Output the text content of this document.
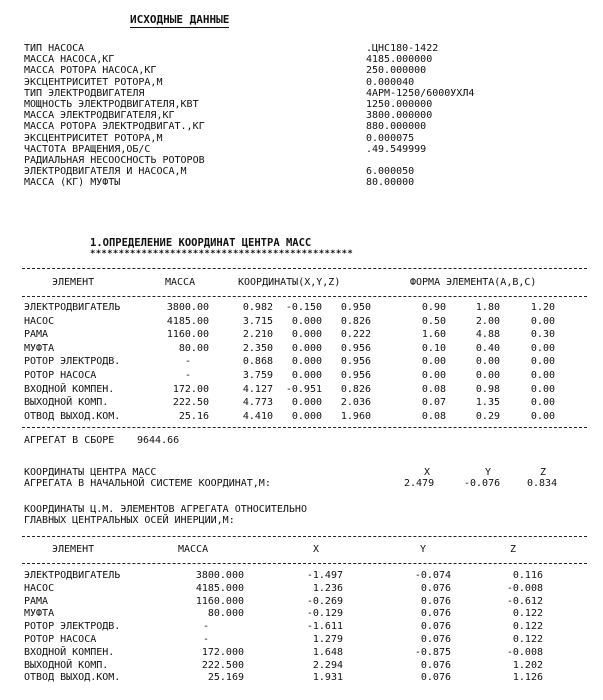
ИСХОДНЫЕ ДАННЫЕ
ТИП НАСОСА	.ЦНС180-1422
МАССА НАСОСА,КГ	4185.000000
МАССА РОТОРА НАСОСА,КГ	250.000000
ЭКСЦЕНТРИСИТЕТ РОТОРА,М	0.000040
ТИП ЭЛЕКТРОДВИГАТЕЛЯ	4АРМ-1250/6000УХЛ4
МОЩНОСТЬ ЭЛЕКТРОДВИГАТЕЛЯ,КВТ	1250.000000
МАССА ЭЛЕКТРОДВИГАТЕЛЯ,КГ	3800.000000
МАССА РОТОРА ЭЛЕКТРОДВИГАТ.,КГ	880.000000
ЭКСЦЕНТРИСИТЕТ РОТОРА,М	0.000075
ЧАСТОТА ВРАЩЕНИЯ,ОБ/С	.49.549999
РАДИАЛЬНАЯ НЕСООСНОСТЬ РОТОРОВ
ЭЛЕКТРОДВИГАТЕЛЯ И НАСОСА,М	6.000050
МАССА (КГ) МУФТЫ	80.00000
1.ОПРЕДЕЛЕНИЕ КООРДИНАТ ЦЕНТРА МАСС
**********************************************
ЭЛЕМЕНТ	МАССА	КООРДИНАТЫ(X,Y,Z)	ФОРМА ЭЛЕМЕНТА(A,B,C)
ЭЛЕКТРОДВИГАТЕЛЬ	3800.00	0.982 -0.150 0.950	0.90	1.80	1.20
НАСОС	4185.00	3.715 0.000 0.826	0.50	2.00	0.00
РАМА	1160.00	2.210 0.000 0.222	1.60	4.88	0.30
МУФТА	80.00	2.350 0.000 0.956	0.10	0.40	0.00
РОТОР ЭЛЕКТРОДВ.	-	0.868 0.000 0.956	0.00	0.00	0.00
РОТОР НАСОСА	-	3.759 0.000 0.956	0.00	0.00	0.00
ВХОДНОЙ КОМПЕН.	172.00	4.127 -0.951 0.826	0.08	0.98	0.00
ВЫХОДНОЙ КОМП.	222.50	4.773 0.000 2.036	0.07	1.35	0.00
ОТВОД ВЫХОД.КОМ.	25.16	4.410 0.000 1.960	0.08	0.29	0.00
АГРЕГАТ В СБОРЕ 9644.66
КООРДИНАТЫ ЦЕНТРА МАСС
АГРЕГАТА В НАЧАЛЬНОЙ СИСТЕМЕ КООРДИНАТ,М:
X	Y	Z
2.479	-0.076	0.834
КООРДИНАТЫ Ц.М. ЭЛЕМЕНТОВ АГРЕГАТА ОТНОСИТЕЛЬНО
ГЛАВНЫХ ЦЕНТРАЛЬНЫХ ОСЕЙ ИНЕРЦИИ,М:
ЭЛЕМЕНТ	МАССА	X	Y	Z
ЭЛЕКТРОДВИГАТЕЛЬ	3800.000	-1.497	-0.074	0.116
НАСОС	4185.000	1.236	0.076	-0.008
РАМА	1160.000	-0.269	0.076	-0.612
МУФТА	80.000	-0.129	0.076	0.122
РОТОР ЭЛЕКТРОДВ.	-	-1.611	0.076	0.122
РОТОР НАСОСА	-	1.279	0.076	0.122
ВХОДНОЙ КОМПЕН.	172.000	1.648	-0.875	-0.008
ВЫХОДНОЙ КОМП.	222.500	2.294	0.076	1.202
ОТВОД ВЫХОД.КОМ.	25.169	1.931	0.076	1.126
